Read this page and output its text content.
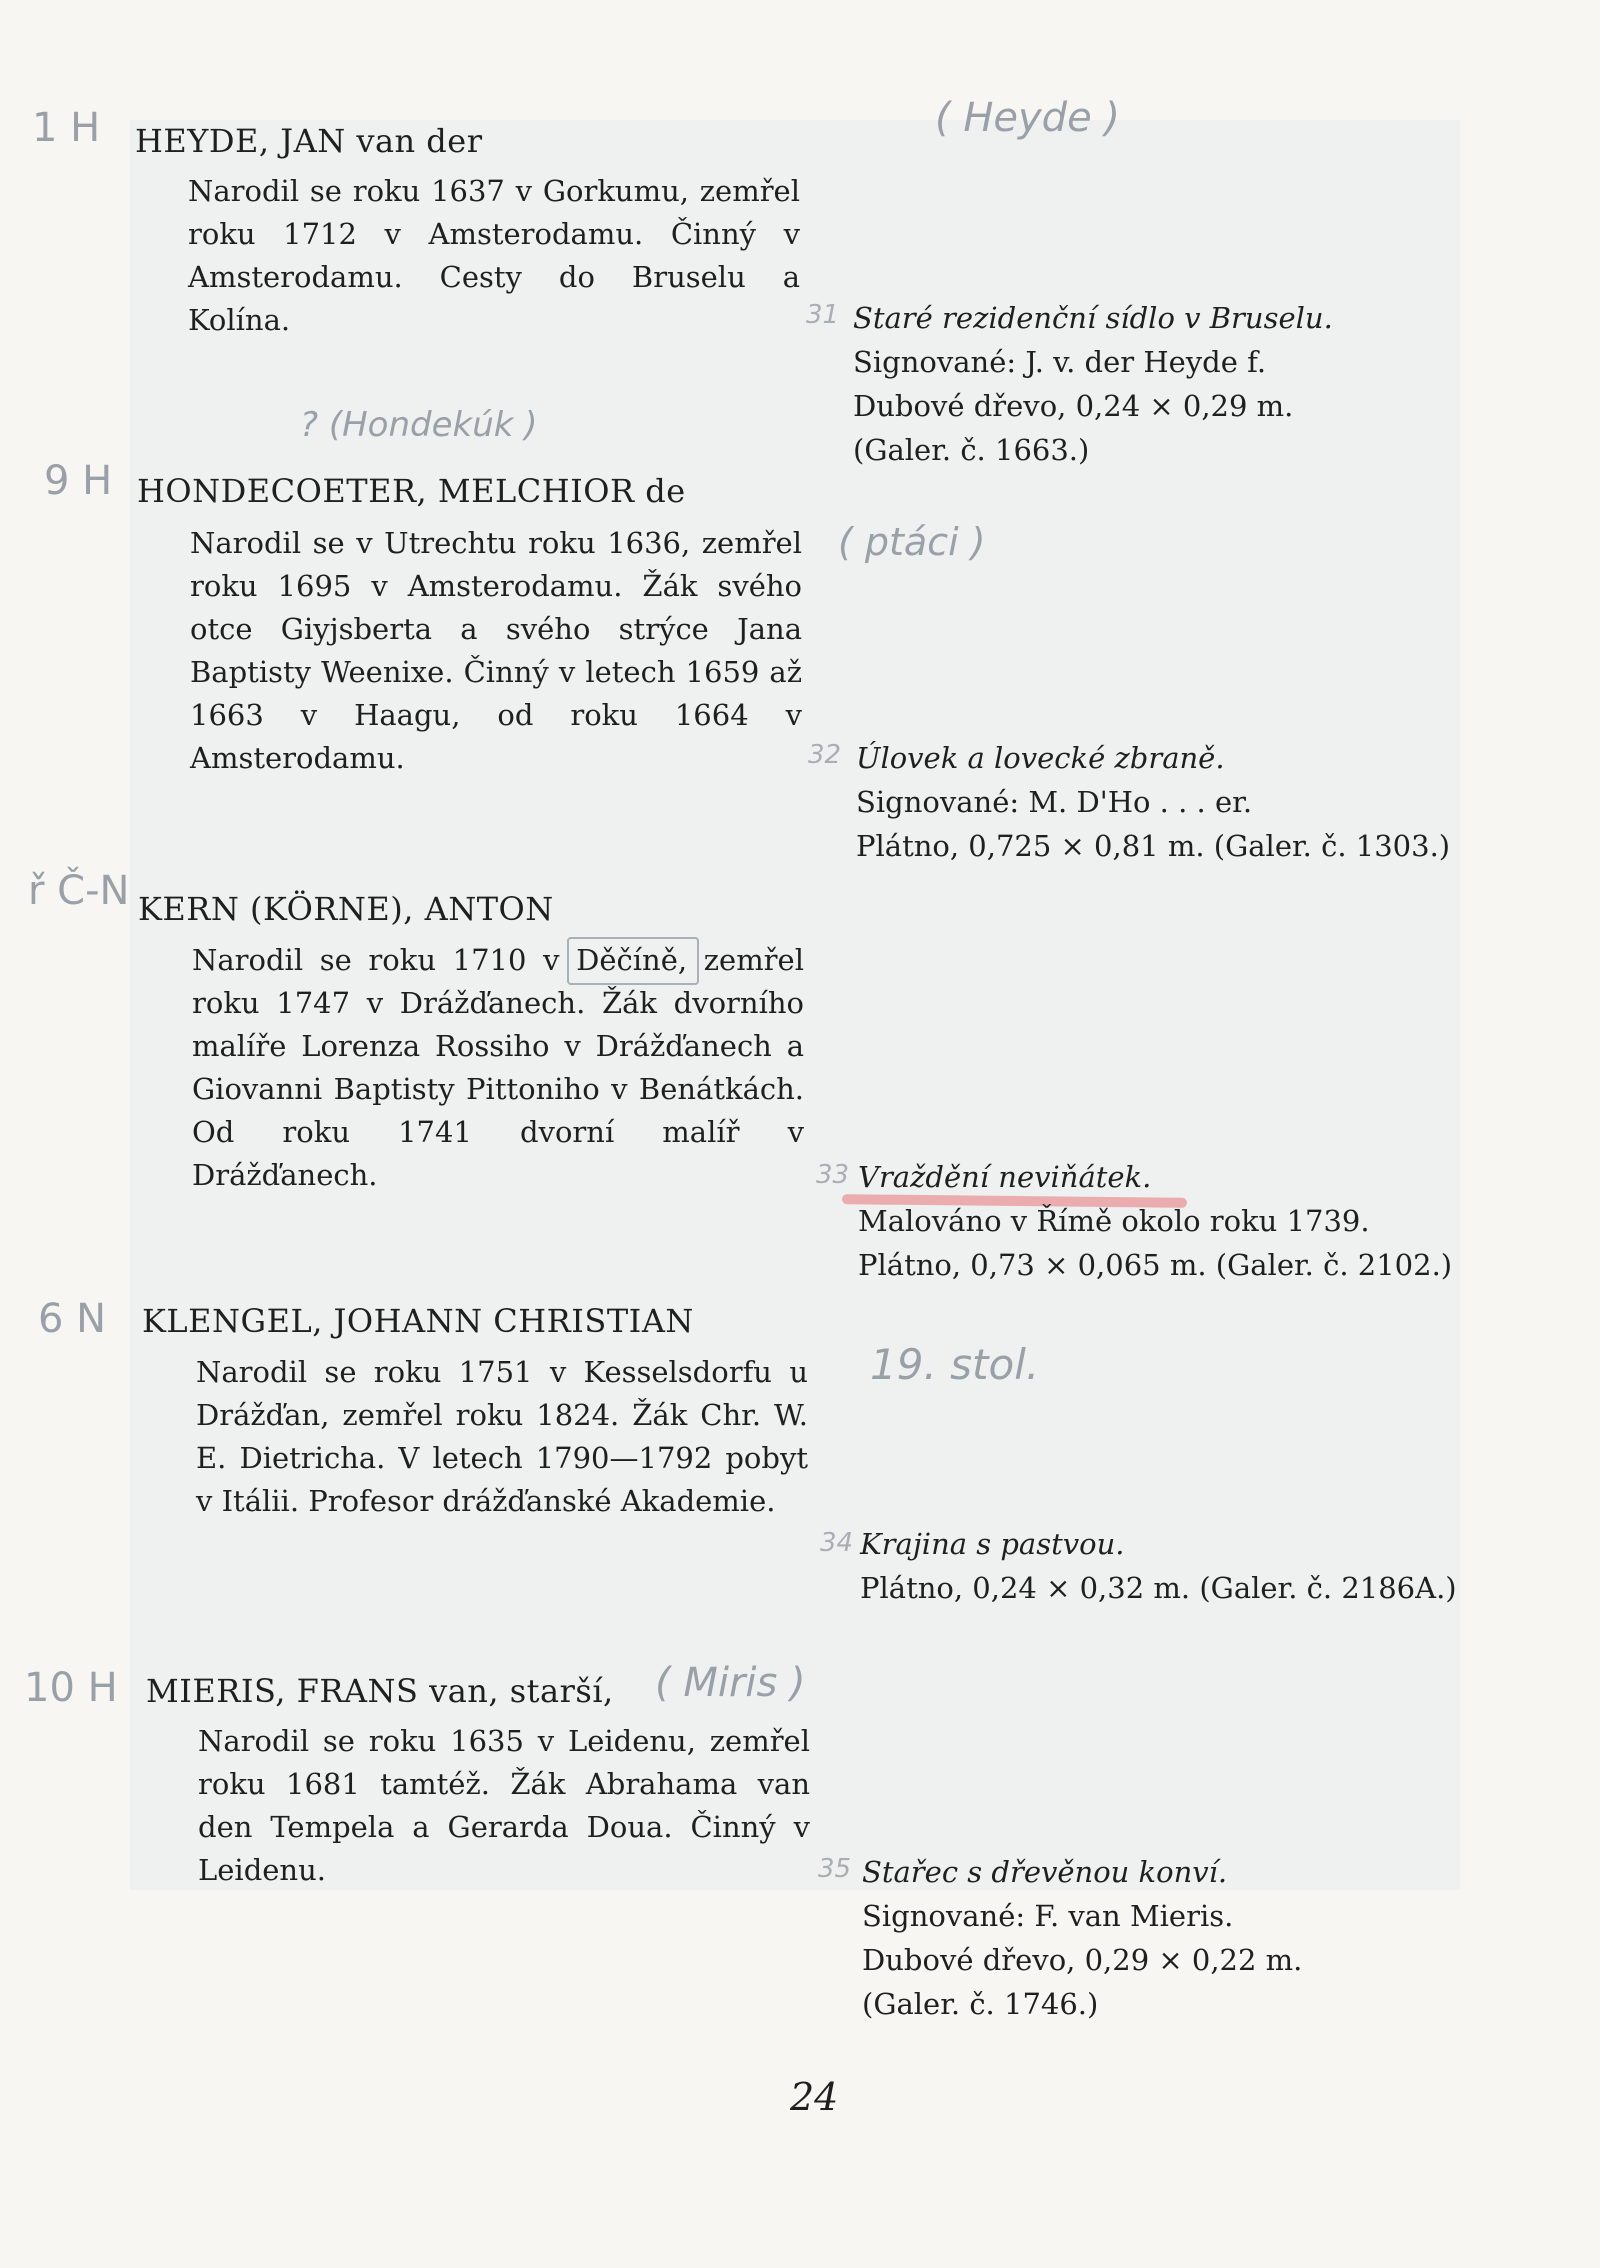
1 H HEYDE, JAN van der	( Heyde )

Narodil se roku 1637 v Gorkumu, zemřel roku 1712 v Amsterodamu. Činný v Amsterodamu. Cesty do Bruselu a Kolína.	31 Staré rezidenční sídlo v Bruselu.
Signované: J. v. der Heyde f.
Dubové dřevo, 0,24 × 0,29 m.
(Galer. č. 1663.)
? (Hondekúk )
9 H HONDECOETER, MELCHIOR de
( ptáci )

Narodil se v Utrechtu roku 1636, zemřel roku 1695 v Amsterodamu. Žák svého otce Giyjsberta a svého strýce Jana Baptisty Weenixe. Činný v letech 1659 až 1663 v Haagu, od roku 1664 v Amsterodamu.	32 Úlovek a lovecké zbraně.
Signované: M. D'Ho . . . er.
Plátno, 0,725 × 0,81 m. (Galer. č. 1303.)
ř Č-N KERN (KÖRNE), ANTON

Narodil se roku 1710 v Děčíně, zemřel roku 1747 v Drážďanech. Žák dvorního malíře Lorenza Rossiho v Drážďanech a Giovanni Baptisty Pittoniho v Benátkách. Od roku 1741 dvorní malíř v Drážďanech.	33 Vraždění neviňátek.
Malováno v Římě okolo roku 1739.
Plátno, 0,73 × 0,065 m. (Galer. č. 2102.)
6 N KLENGEL, JOHANN CHRISTIAN
19. stol.

Narodil se roku 1751 v Kesselsdorfu u Drážďan, zemřel roku 1824. Žák Chr. W. E. Dietricha. V letech 1790—1792 pobyt v Itálii. Profesor drážďanské Akademie.

34 Krajina s pastvou.
Plátno, 0,24 × 0,32 m. (Galer. č. 2186A.)
10 H MIERIS, FRANS van, starší, ( Miris )

Narodil se roku 1635 v Leidenu, zemřel roku 1681 tamtéž. Žák Abrahama van den Tempela a Gerarda Doua. Činný v Leidenu.	35 Stařec s dřevěnou konví.
Signované: F. van Mieris.
Dubové dřevo, 0,29 × 0,22 m.
(Galer. č. 1746.)
24
